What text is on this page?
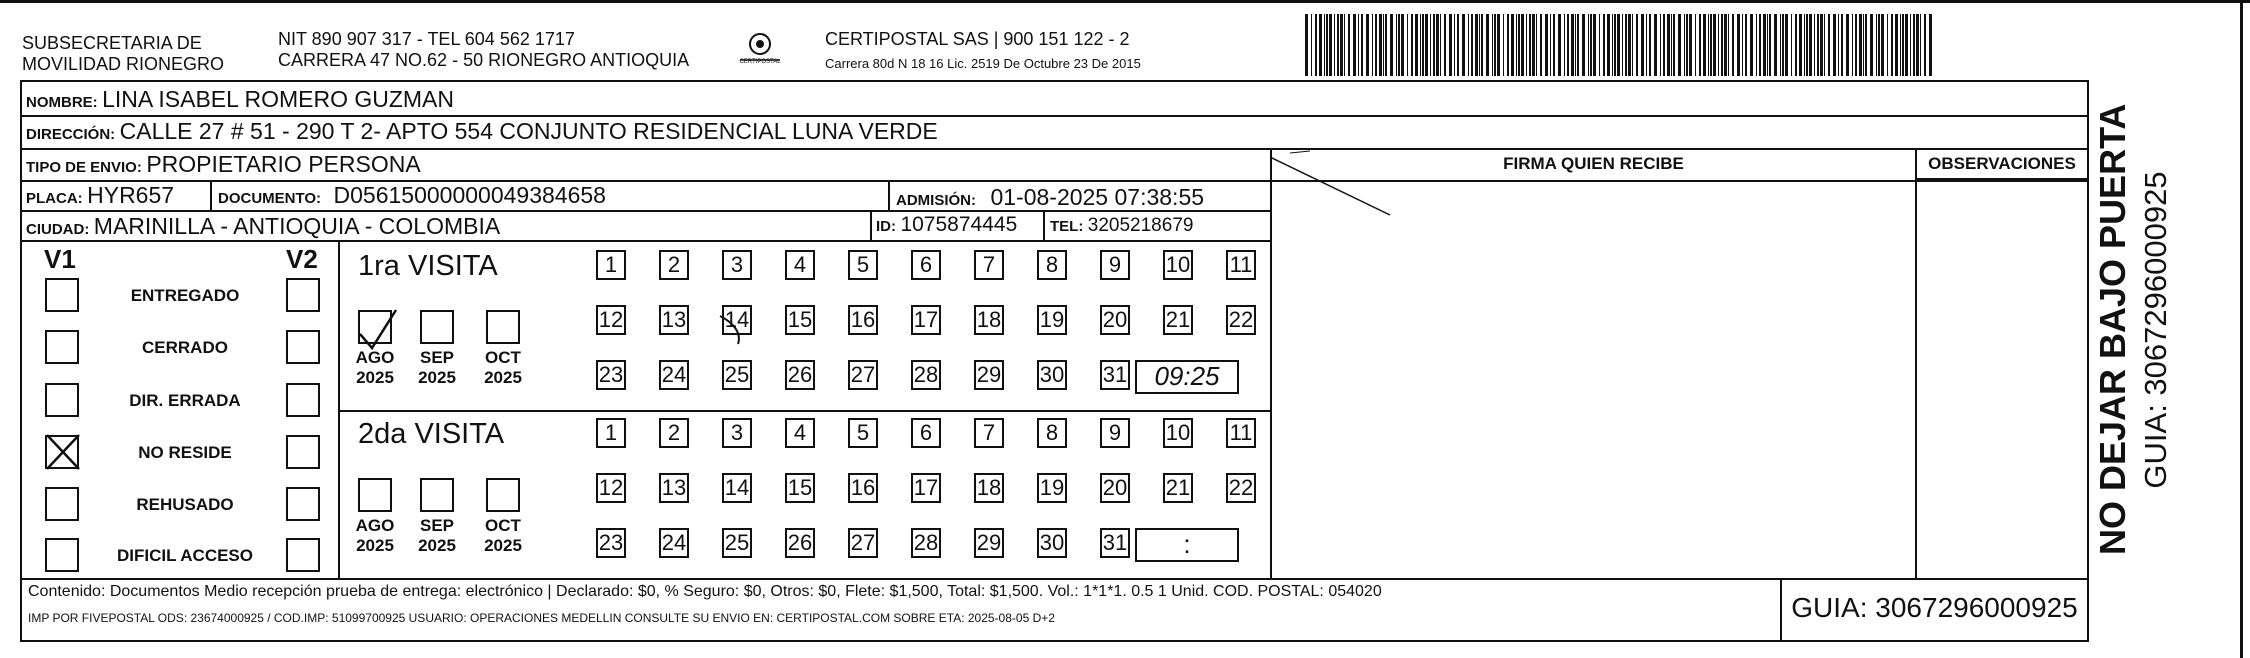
SUBSECRETARIA DE
MOVILIDAD RIONEGRO
NIT 890 907 317 - TEL 604 562 1717
CARRERA 47 NO.62 - 50 RIONEGRO ANTIOQUIA	CERTIPOSTAL
CERTIPOSTAL SAS | 900 151 122 - 2
Carrera 80d N 18 16 Lic. 2519 De Octubre 23 De 2015
NOMBRE: LINA ISABEL ROMERO GUZMAN
DIRECCIÓN: CALLE 27 # 51 - 290 T 2- APTO 554 CONJUNTO RESIDENCIAL LUNA VERDE
TIPO DE ENVIO: PROPIETARIO PERSONA
PLACA: HYR657	DOCUMENTO: D05615000000049384658	ADMISIÓN: 01-08-2025 07:38:55
CIUDAD: MARINILLA - ANTIOQUIA - COLOMBIA	ID: 1075874445 TEL: 3205218679
FIRMA QUIEN RECIBE	OBSERVACIONES
V1	V2
ENTREGADO
CERRADO
DIR. ERRADA
NO RESIDE
REHUSADO
DIFICIL ACCESO
1ra VISITA
2da VISITA
AGO
2025
SEP
2025
OCT
2025
1	2	3	4	5	6	7	8	9	10 11
12 13 14 15 16 17 18 19 20 21 22
23 24 25 26 27 28 29 30 31	09:25
AGO
2025
SEP
2025
OCT
2025
1	2	3	4	5	6	7	8	9	10 11
12 13 14 15 16 17 18 19 20 21 22
23 24 25 26 27 28 29 30 31	:
Contenido: Documentos Medio recepción prueba de entrega: electrónico | Declarado: $0, % Seguro: $0, Otros: $0, Flete: $1,500, Total: $1,500. Vol.: 1*1*1. 0.5 1 Unid. COD. POSTAL: 054020
IMP POR FIVEPOSTAL ODS: 23674000925 / COD.IMP: 51099700925 USUARIO: OPERACIONES MEDELLIN CONSULTE SU ENVIO EN: CERTIPOSTAL.COM SOBRE ETA: 2025-08-05 D+2	GUIA: 3067296000925
NO DEJAR BAJO PUERTA GUIA: 3067296000925
